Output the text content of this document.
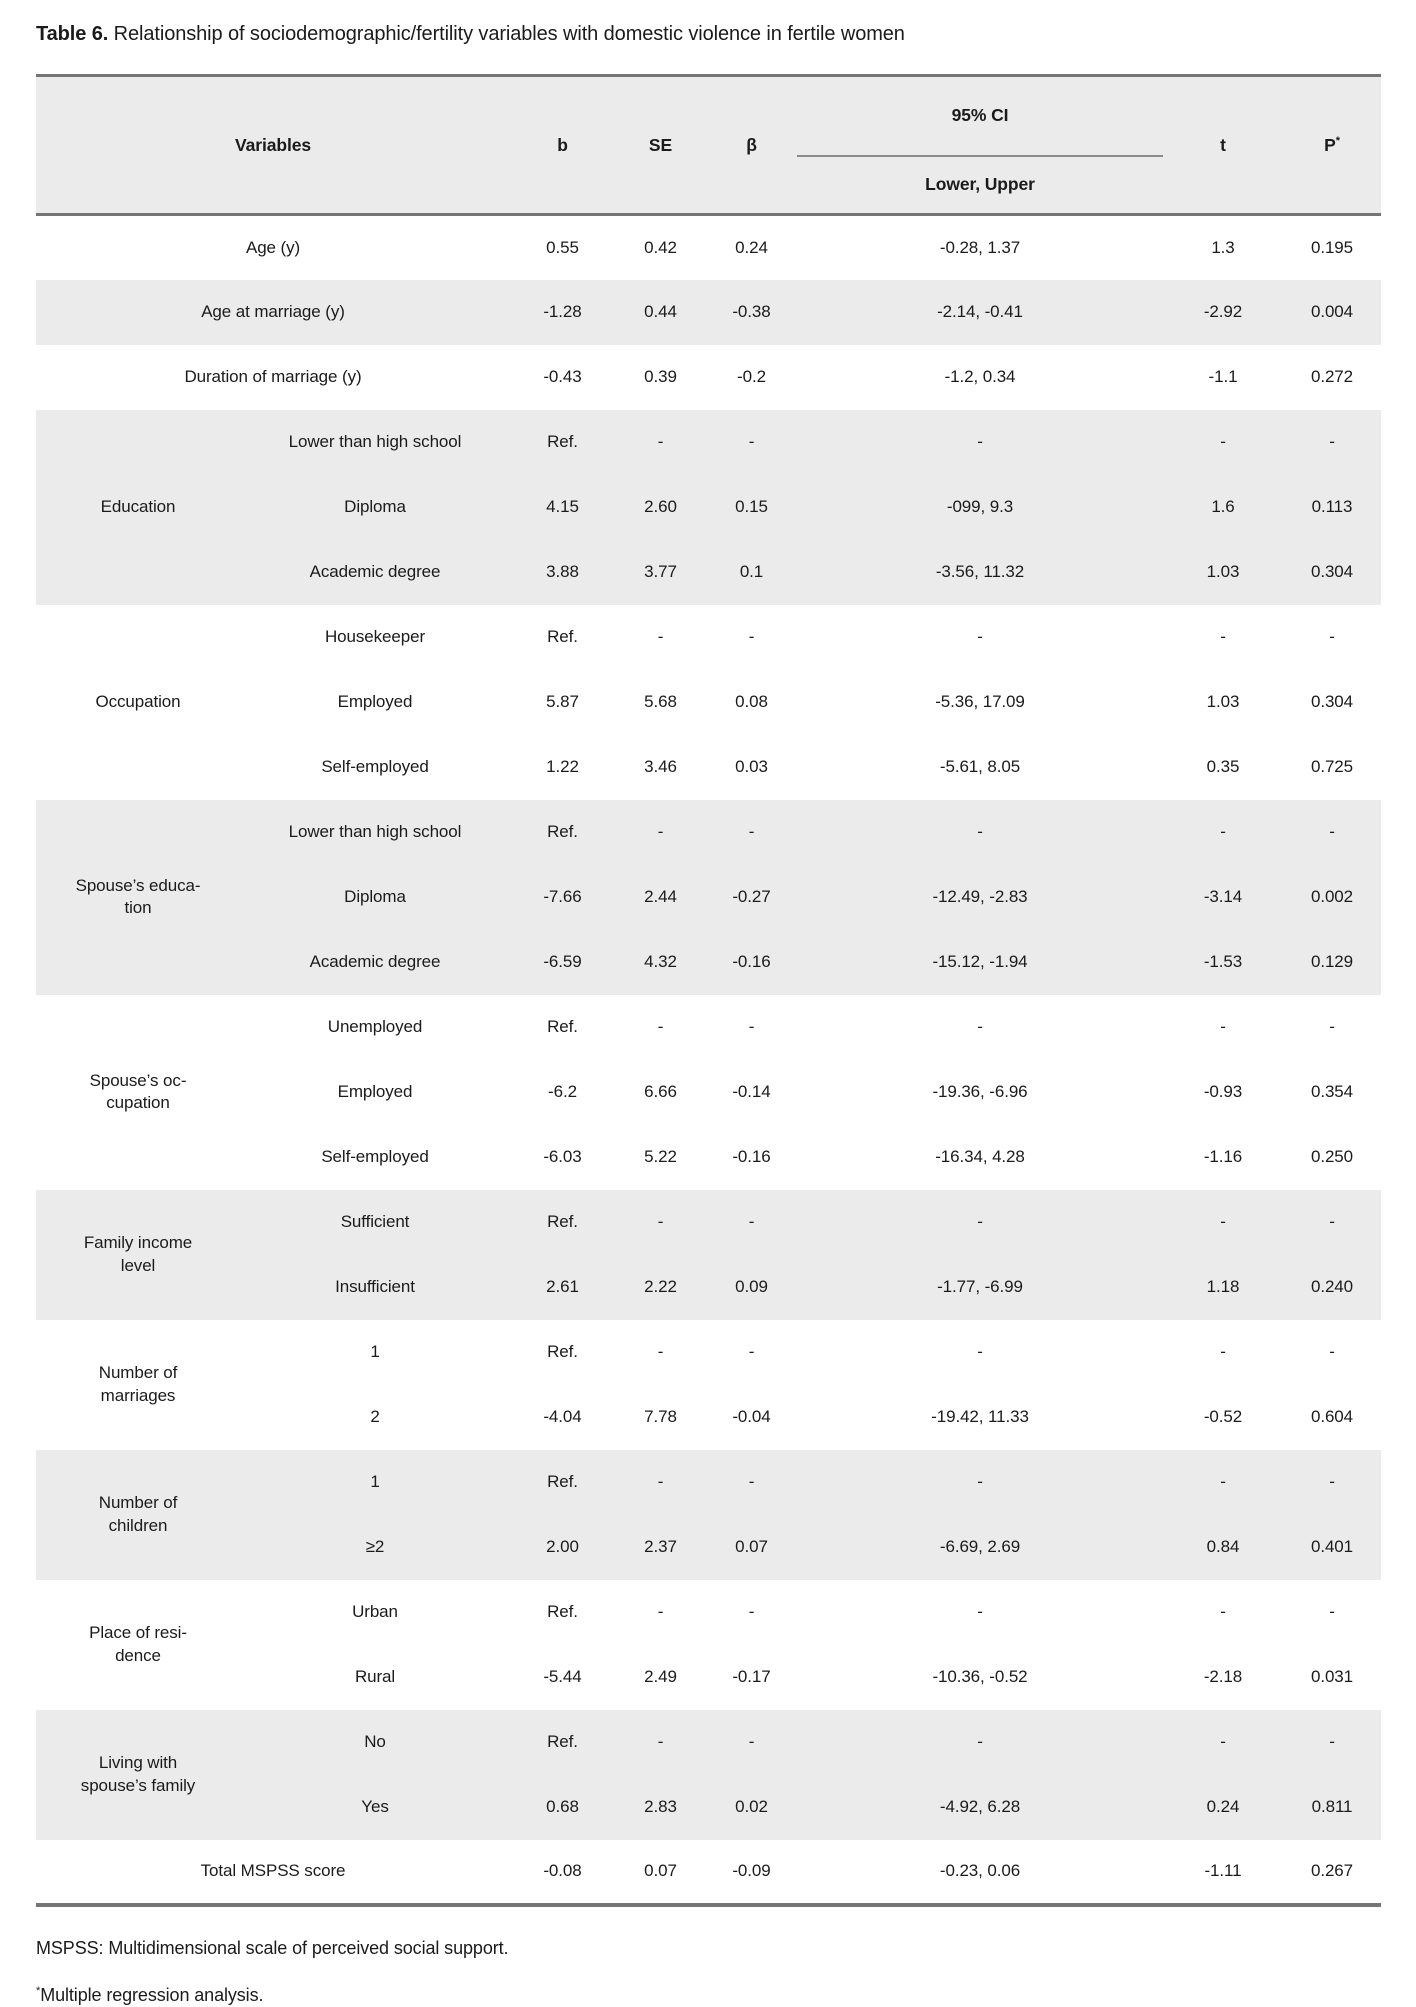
Table 6. Relationship of sociodemographic/fertility variables with domestic violence in fertile women

Variables		b	SE	β	95% CI	t	P*
					Lower, Upper		
Age (y)		0.55	0.42	0.24	-0.28, 1.37	1.3	0.195
Age at marriage (y)		-1.28	0.44	-0.38	-2.14, -0.41	-2.92	0.004
Duration of marriage (y)		-0.43	0.39	-0.2	-1.2, 0.34	-1.1	0.272

Education	Lower than high school	Ref.	-	-	-	-	-
	Diploma	4.15	2.60	0.15	-099, 9.3	1.6	0.113
	Academic degree	3.88	3.77	0.1	-3.56, 11.32	1.03	0.304

Occupation	Housekeeper	Ref.	-	-	-	-	-
	Employed	5.87	5.68	0.08	-5.36, 17.09	1.03	0.304
	Self-employed	1.22	3.46	0.03	-5.61, 8.05	0.35	0.725

Spouse’s educa-
tion	Lower than high school	Ref.	-	-	-	-	-
	Diploma	-7.66	2.44	-0.27	-12.49, -2.83	-3.14	0.002
	Academic degree	-6.59	4.32	-0.16	-15.12, -1.94	-1.53	0.129

Spouse’s oc-
cupation	Unemployed	Ref.	-	-	-	-	-
	Employed	-6.2	6.66	-0.14	-19.36, -6.96	-0.93	0.354
	Self-employed	-6.03	5.22	-0.16	-16.34, 4.28	-1.16	0.250

Family income
level	Sufficient	Ref.	-	-	-	-	-
	Insufficient	2.61	2.22	0.09	-1.77, -6.99	1.18	0.240

Number of
marriages	1	Ref.	-	-	-	-	-
	2	-4.04	7.78	-0.04	-19.42, 11.33	-0.52	0.604

Number of
children	1	Ref.	-	-	-	-	-
	≥2	2.00	2.37	0.07	-6.69, 2.69	0.84	0.401

Place of resi-
dence	Urban	Ref.	-	-	-	-	-
	Rural	-5.44	2.49	-0.17	-10.36, -0.52	-2.18	0.031

Living with
spouse’s family	No	Ref.	-	-	-	-	-
	Yes	0.68	2.83	0.02	-4.92, 6.28	0.24	0.811
Total MSPSS score		-0.08	0.07	-0.09	-0.23, 0.06	-1.11	0.267

MSPSS: Multidimensional scale of perceived social support.

*Multiple regression analysis.
